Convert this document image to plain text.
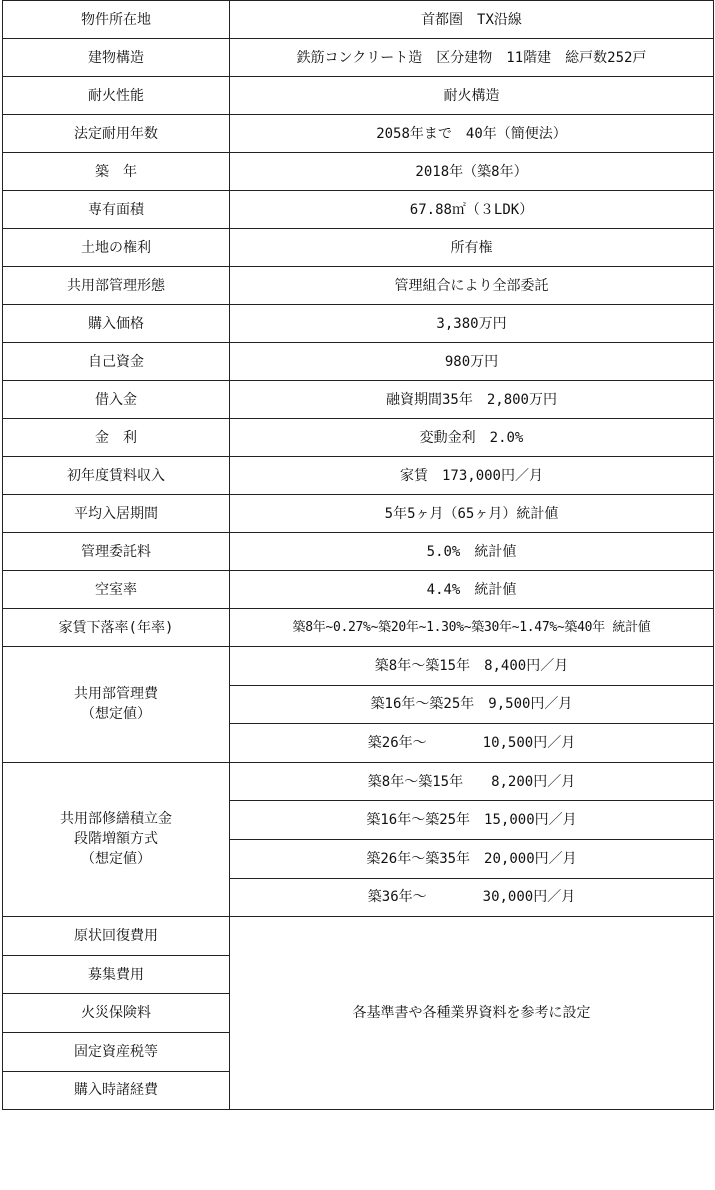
物件所在地	首都圏　TX沿線
建物構造	鉄筋コンクリート造　区分建物　11階建　総戸数252戸
耐火性能	耐火構造
法定耐用年数	2058年まで　40年（簡便法）
築　年	2018年（築8年）
専有面積	67.88㎡（３LDK）
土地の権利	所有権
共用部管理形態	管理組合により全部委託
購入価格	3,380万円
自己資金	980万円
借入金	融資期間35年　2,800万円
金　利	変動金利　2.0%
初年度賃料収入	家賃　173,000円／月
平均入居期間	5年5ヶ月（65ヶ月）統計値
管理委託料	5.0%　統計値
空室率	4.4%　統計値
家賃下落率(年率)	築8年~0.27%~築20年~1.30%~築30年~1.47%~築40年 統計値

共用部管理費
（想定値）	築8年～築15年　8,400円／月
	築16年～築25年　9,500円／月
	築26年～　　　　10,500円／月

共用部修繕積立金
段階増額方式
（想定値）	築8年～築15年　　8,200円／月
	築16年～築25年　15,000円／月
	築26年～築35年　20,000円／月
	築36年～　　　　30,000円／月
原状回復費用	各基準書や各種業界資料を参考に設定
募集費用	
火災保険料	
固定資産税等	
購入時諸経費	
